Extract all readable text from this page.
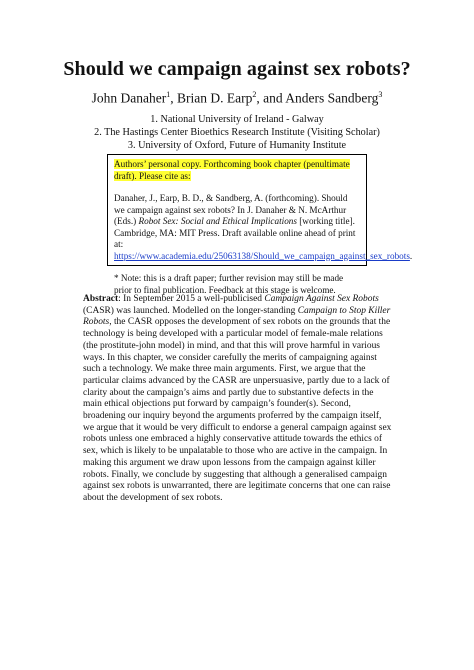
Should we campaign against sex robots?
John Danaher$^1$, Brian D. Earp$^2$, and Anders Sandberg$^3$
1. National University of Ireland - Galway
2. The Hastings Center Bioethics Research Institute (Visiting Scholar)
3. University of Oxford, Future of Humanity Institute

Authors’ personal copy. Forthcoming book chapter (penultimate draft). Please cite as:

Danaher, J., Earp, B. D., & Sandberg, A. (forthcoming). Should we campaign against sex robots? In J. Danaher & N. McArthur (Eds.) Robot Sex: Social and Ethical Implications [working title]. Cambridge, MA: MIT Press. Draft available online ahead of print at: https://www.academia.edu/25063138/Should_we_campaign_against_sex_robots.

* Note: this is a draft paper; further revision may still be made prior to final publication. Feedback at this stage is welcome.

Abstract: In September 2015 a well-publicised Campaign Against Sex Robots (CASR) was launched. Modelled on the longer-standing Campaign to Stop Killer Robots, the CASR opposes the development of sex robots on the grounds that the technology is being developed with a particular model of female-male relations (the prostitute-john model) in mind, and that this will prove harmful in various ways. In this chapter, we consider carefully the merits of campaigning against such a technology. We make three main arguments. First, we argue that the particular claims advanced by the CASR are unpersuasive, partly due to a lack of clarity about the campaign’s aims and partly due to substantive defects in the main ethical objections put forward by campaign’s founder(s). Second, broadening our inquiry beyond the arguments proferred by the campaign itself, we argue that it would be very difficult to endorse a general campaign against sex robots unless one embraced a highly conservative attitude towards the ethics of sex, which is likely to be unpalatable to those who are active in the campaign. In making this argument we draw upon lessons from the campaign against killer robots. Finally, we conclude by suggesting that although a generalised campaign against sex robots is unwarranted, there are legitimate concerns that one can raise about the development of sex robots.
